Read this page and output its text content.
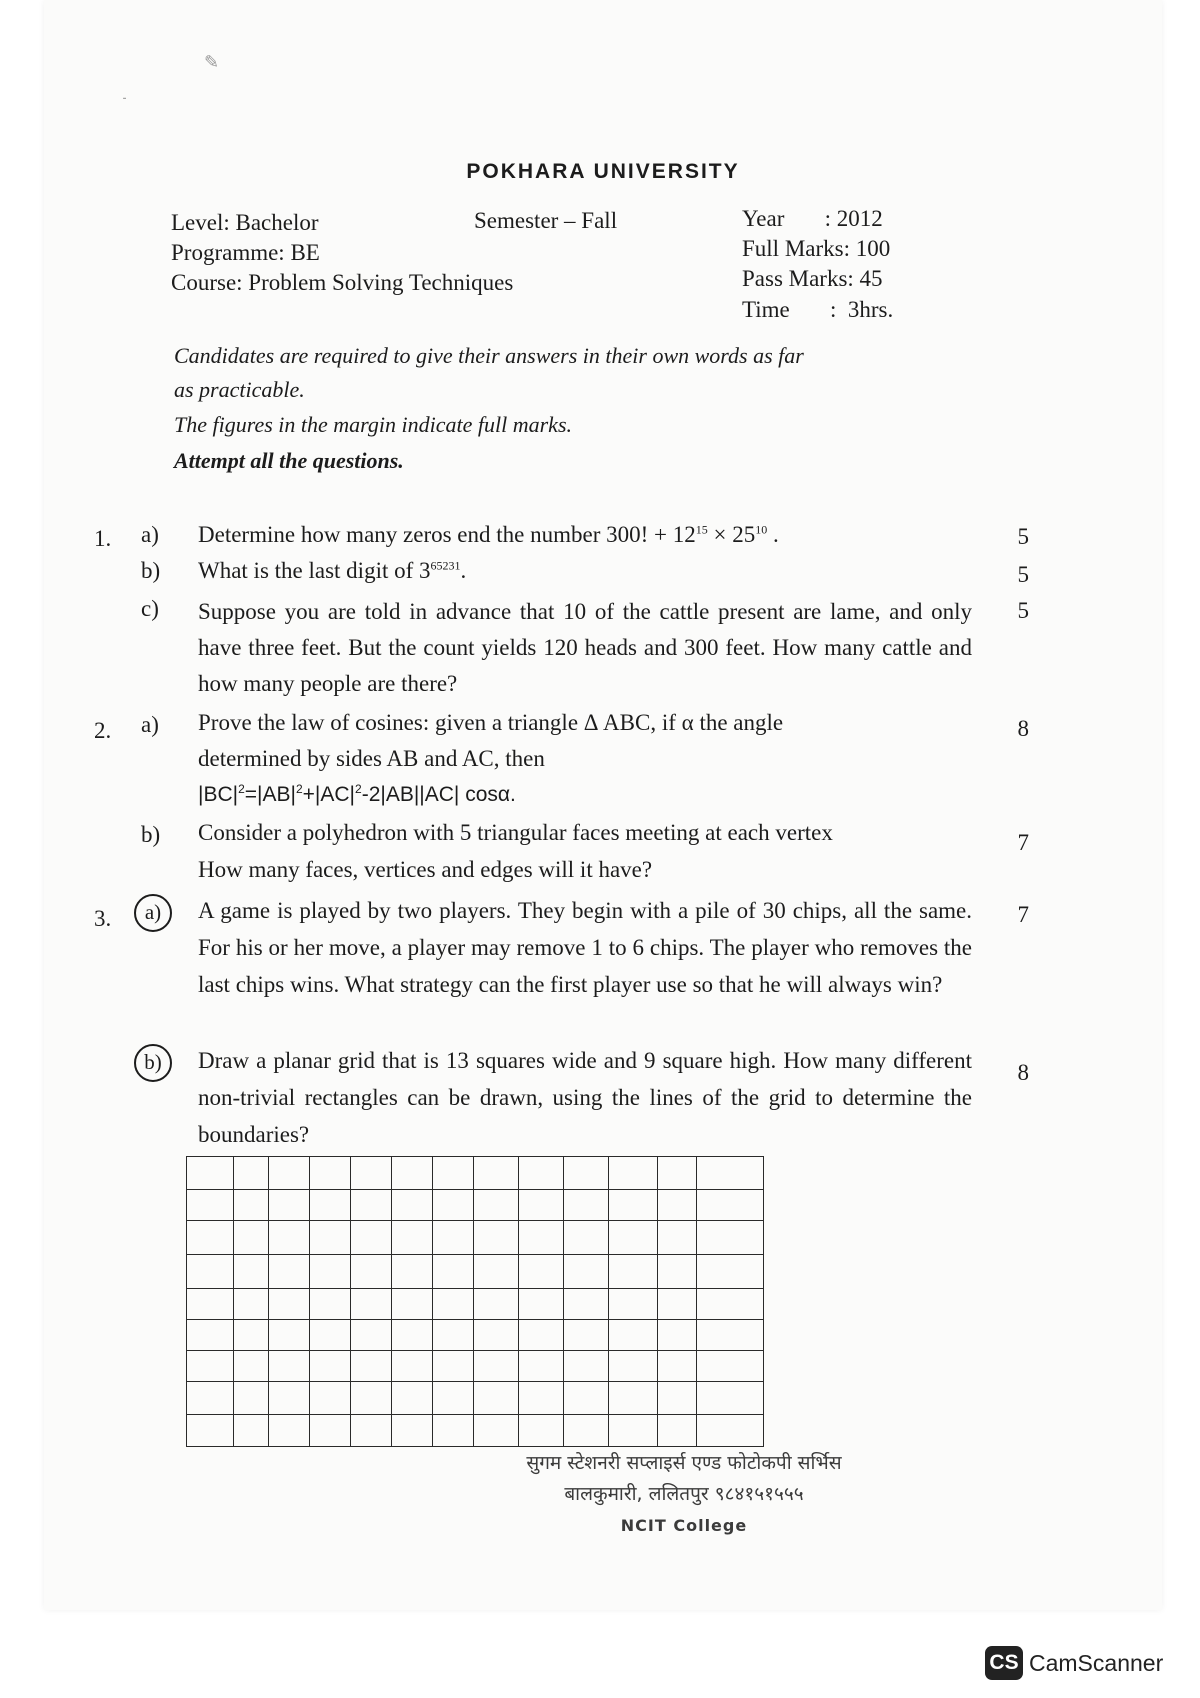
✎
⁃
POKHARA UNIVERSITY
Level: Bachelor
Programme: BE
Course: Problem Solving Techniques
Semester – Fall	Year       : 2012
Full Marks: 100
Pass Marks: 45
Time       :  3hrs.
Candidates are required to give their answers in their own words as far
as practicable.
The figures in the margin indicate full marks.
Attempt all the questions.
1. a) Determine how many zeros end the number 300! + $12^{15} \times 25^{10}$ .	5
b) What is the last digit of $3^{65231}$.	5
c) Suppose you are told in advance that 10 of the cattle present are lame, and only have three feet. But the count yields 120 heads and 300 feet. How many cattle and how many people are there?
5
2. a) Prove the law of cosines: given a triangle Δ ABC, if α the angle
determined by sides AB and AC, then
$|BC|^2=|AB|^2+|AC|^2-2|AB||AC|$ cosα.
8
b) Consider a polyhedron with 5 triangular faces meeting at each vertex
How many faces, vertices and edges will it have?
7
3.	a)	A game is played by two players. They begin with a pile of 30 chips, all the same. For his or her move, a player may remove 1 to 6 chips. The player who removes the last chips wins. What strategy can the first player use so that he will always win?
7
b)	Draw a planar grid that is 13 squares wide and 9 square high. How many different non-trivial rectangles can be drawn, using the lines of the grid to determine the boundaries?
8

सुगम स्टेशनरी सप्लाइर्स एण्ड फोटोकपी सर्भिस
बालकुमारी, ललितपुर ९८४१५१५५५
NCIT College
CS CamScanner
